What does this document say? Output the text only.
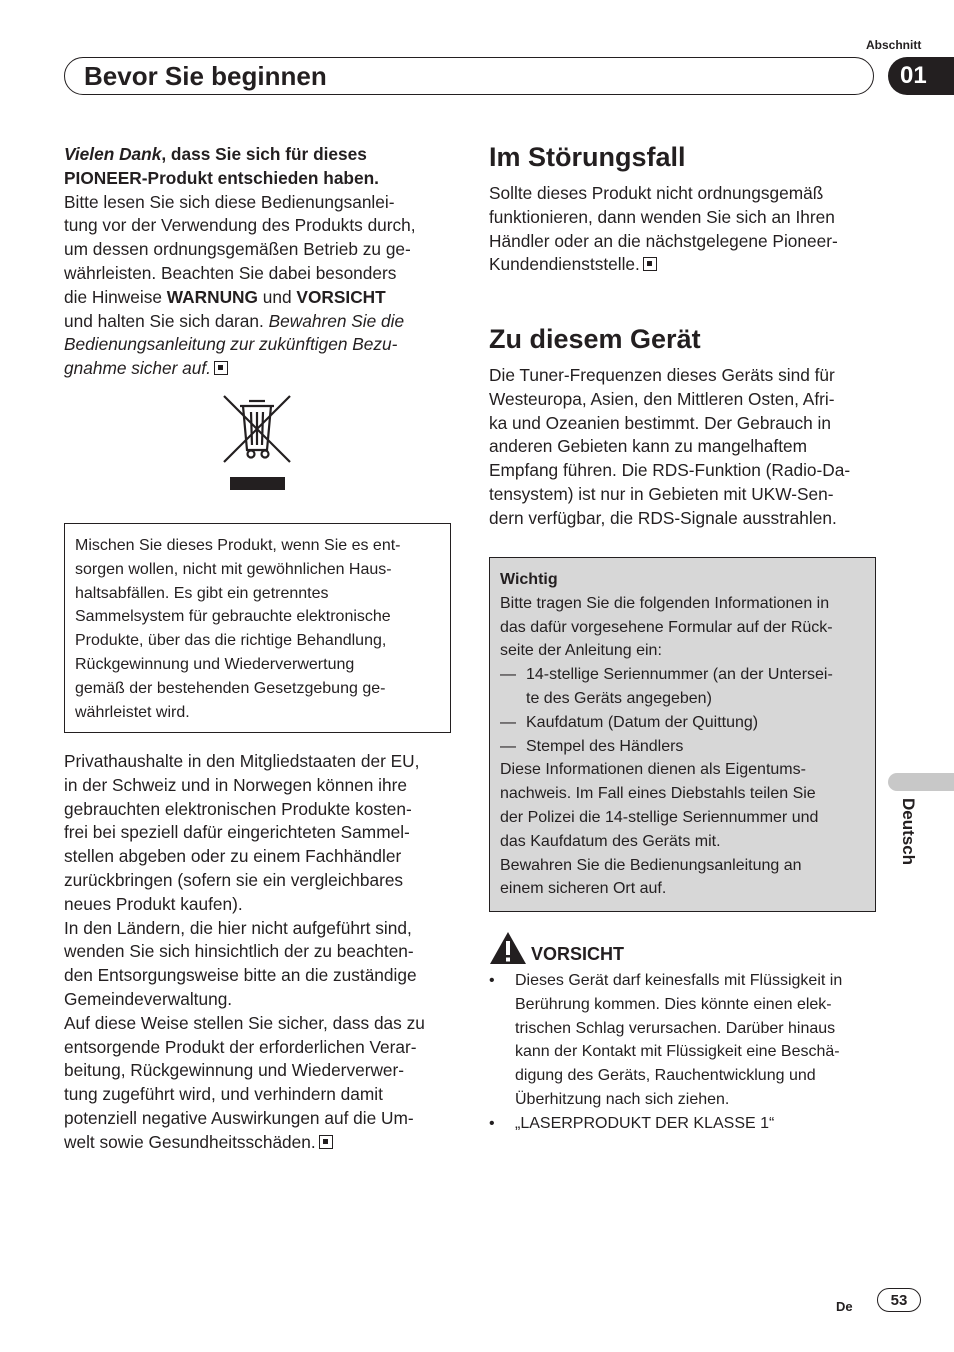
Abschnitt
Bevor Sie beginnen	01
Deutsch
Vielen Dank, dass Sie sich für dieses
PIONEER-Produkt entschieden haben.
Bitte lesen Sie sich diese Bedienungsanlei-
tung vor der Verwendung des Produkts durch,
um dessen ordnungsgemäßen Betrieb zu ge-
währleisten. Beachten Sie dabei besonders
die Hinweise WARNUNG und VORSICHT
und halten Sie sich daran. Bewahren Sie die
Bedienungsanleitung zur zukünftigen Bezu-
gnahme sicher auf.
Mischen Sie dieses Produkt, wenn Sie es ent-
sorgen wollen, nicht mit gewöhnlichen Haus-
haltsabfällen. Es gibt ein getrenntes
Sammelsystem für gebrauchte elektronische
Produkte, über das die richtige Behandlung,
Rückgewinnung und Wiederverwertung
gemäß der bestehenden Gesetzgebung ge-
währleistet wird.
Privathaushalte in den Mitgliedstaaten der EU,
in der Schweiz und in Norwegen können ihre
gebrauchten elektronischen Produkte kosten-
frei bei speziell dafür eingerichteten Sammel-
stellen abgeben oder zu einem Fachhändler
zurückbringen (sofern sie ein vergleichbares
neues Produkt kaufen).
In den Ländern, die hier nicht aufgeführt sind,
wenden Sie sich hinsichtlich der zu beachten-
den Entsorgungsweise bitte an die zuständige
Gemeindeverwaltung.
Auf diese Weise stellen Sie sicher, dass das zu
entsorgende Produkt der erforderlichen Verar-
beitung, Rückgewinnung und Wiederverwer-
tung zugeführt wird, und verhindern damit
potenziell negative Auswirkungen auf die Um-
welt sowie Gesundheitsschäden.
Im Störungsfall
Sollte dieses Produkt nicht ordnungsgemäß
funktionieren, dann wenden Sie sich an Ihren
Händler oder an die nächstgelegene Pioneer-
Kundendienststelle.
Zu diesem Gerät
Die Tuner-Frequenzen dieses Geräts sind für
Westeuropa, Asien, den Mittleren Osten, Afri-
ka und Ozeanien bestimmt. Der Gebrauch in
anderen Gebieten kann zu mangelhaftem
Empfang führen. Die RDS-Funktion (Radio-Da-
tensystem) ist nur in Gebieten mit UKW-Sen-
dern verfügbar, die RDS-Signale ausstrahlen.
Wichtig
Bitte tragen Sie die folgenden Informationen in
das dafür vorgesehene Formular auf der Rück-
seite der Anleitung ein:
— 14-stellige Seriennummer (an der Untersei-
te des Geräts angegeben)
— Kaufdatum (Datum der Quittung)
— Stempel des Händlers
Diese Informationen dienen als Eigentums-
nachweis. Im Fall eines Diebstahls teilen Sie
der Polizei die 14-stellige Seriennummer und
das Kaufdatum des Geräts mit.
Bewahren Sie die Bedienungsanleitung an
einem sicheren Ort auf.
VORSICHT
• Dieses Gerät darf keinesfalls mit Flüssigkeit in
Berührung kommen. Dies könnte einen elek-
trischen Schlag verursachen. Darüber hinaus
kann der Kontakt mit Flüssigkeit eine Beschä-
digung des Geräts, Rauchentwicklung und
Überhitzung nach sich ziehen.
• „LASERPRODUKT DER KLASSE 1“
De	53
